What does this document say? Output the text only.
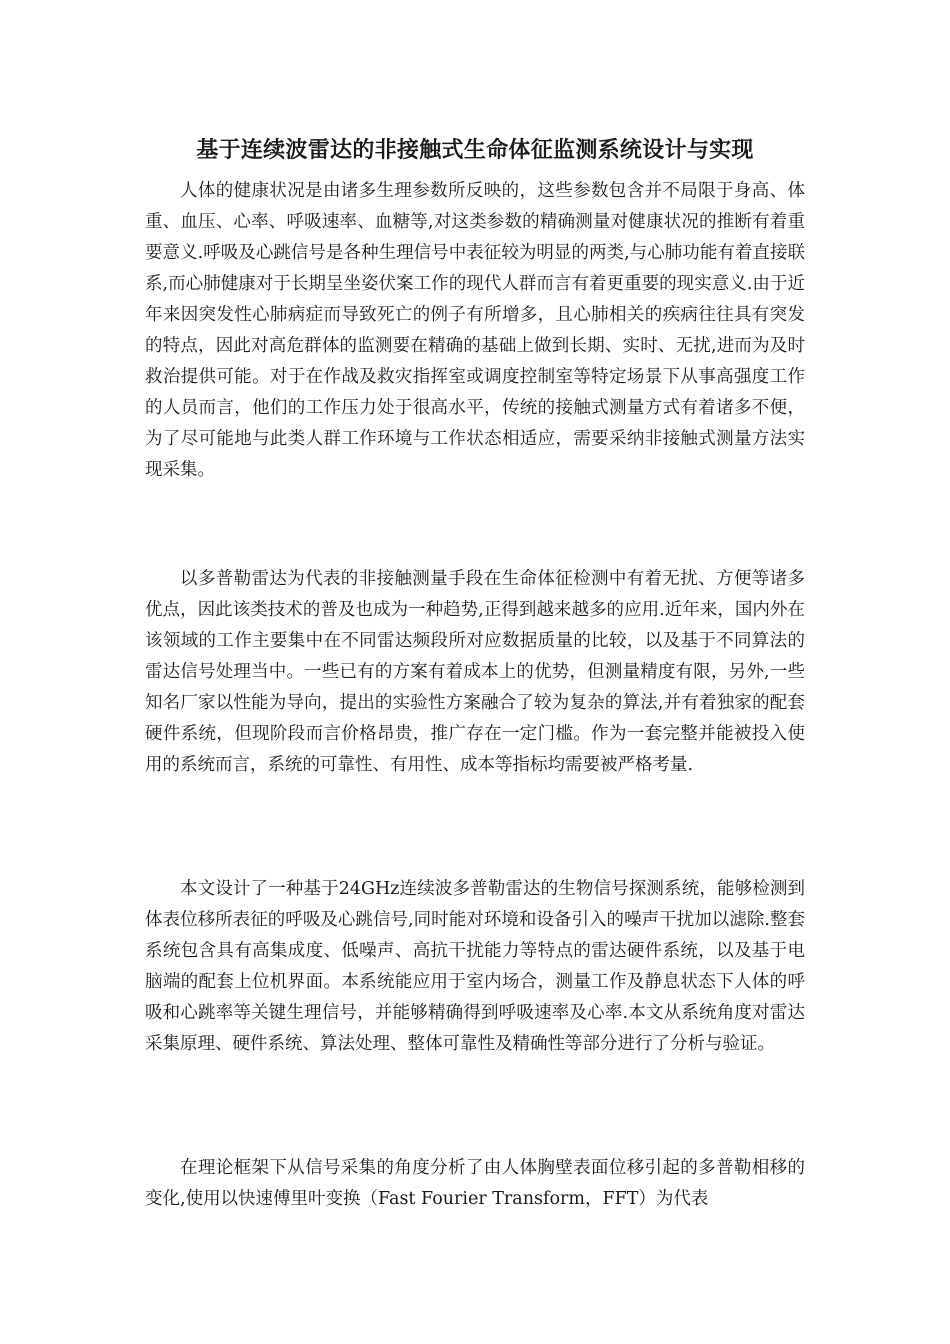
基于连续波雷达的非接触式生命体征监测系统设计与实现

人体的健康状况是由诸多生理参数所反映的，这些参数包含并不局限于身高、体重、血压、心率、呼吸速率、血糖等,对这类参数的精确测量对健康状况的推断有着重要意义.呼吸及心跳信号是各种生理信号中表征较为明显的两类,与心肺功能有着直接联系,而心肺健康对于长期呈坐姿伏案工作的现代人群而言有着更重要的现实意义.由于近年来因突发性心肺病症而导致死亡的例子有所增多，且心肺相关的疾病往往具有突发的特点，因此对高危群体的监测要在精确的基础上做到长期、实时、无扰,进而为及时救治提供可能。对于在作战及救灾指挥室或调度控制室等特定场景下从事高强度工作的人员而言，他们的工作压力处于很高水平，传统的接触式测量方式有着诸多不便，为了尽可能地与此类人群工作环境与工作状态相适应，需要采纳非接触式测量方法实现采集。

以多普勒雷达为代表的非接触测量手段在生命体征检测中有着无扰、方便等诸多优点，因此该类技术的普及也成为一种趋势,正得到越来越多的应用.近年来，国内外在该领域的工作主要集中在不同雷达频段所对应数据质量的比较，以及基于不同算法的雷达信号处理当中。一些已有的方案有着成本上的优势，但测量精度有限，另外,一些知名厂家以性能为导向，提出的实验性方案融合了较为复杂的算法,并有着独家的配套硬件系统，但现阶段而言价格昂贵，推广存在一定门槛。作为一套完整并能被投入使用的系统而言，系统的可靠性、有用性、成本等指标均需要被严格考量.

本文设计了一种基于24GHz连续波多普勒雷达的生物信号探测系统，能够检测到体表位移所表征的呼吸及心跳信号,同时能对环境和设备引入的噪声干扰加以滤除.整套系统包含具有高集成度、低噪声、高抗干扰能力等特点的雷达硬件系统，以及基于电脑端的配套上位机界面。本系统能应用于室内场合，测量工作及静息状态下人体的呼吸和心跳率等关键生理信号，并能够精确得到呼吸速率及心率.本文从系统角度对雷达采集原理、硬件系统、算法处理、整体可靠性及精确性等部分进行了分析与验证。

在理论框架下从信号采集的角度分析了由人体胸壁表面位移引起的多普勒相移的变化,使用以快速傅里叶变换（Fast Fourier Transform，FFT）为代表
